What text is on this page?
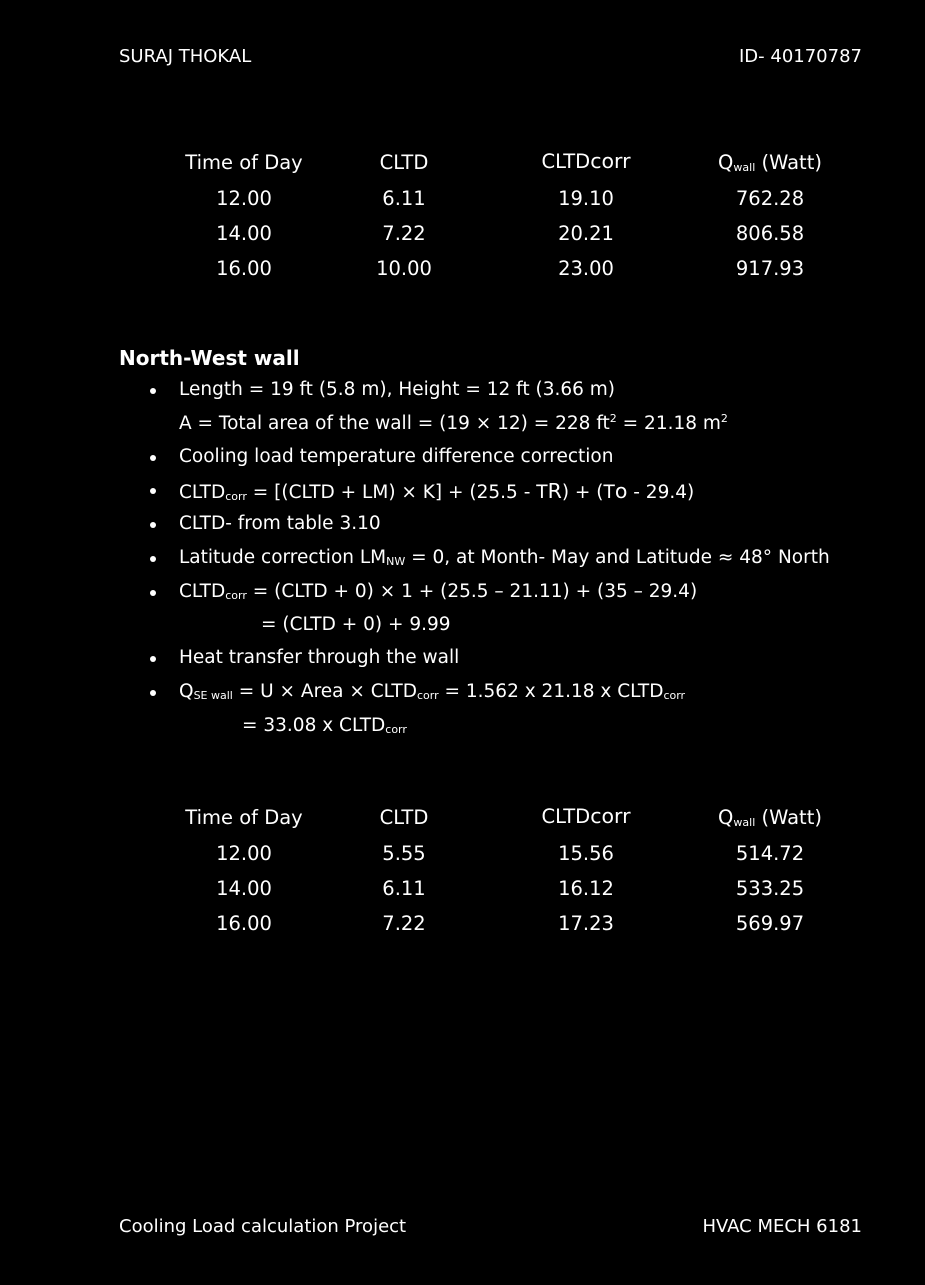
SURAJ THOKAL	ID- 40170787
Time of Day	CLTD	CLTDcorr	$Q_{wall}$ (Watt)
12.00	6.11	19.10	762.28
14.00	7.22	20.21	806.58
16.00	10.00	23.00	917.93
North-West wall
Length = 19 ft (5.8 m), Height = 12 ft (3.66 m)
A = Total area of the wall = (19 × 12) = 228 $ft^2 = 21.18$ $m^2$
Cooling load temperature difference correction
$CLTD_{corr}$ = [(CLTD + LM) × K] + (25.5 - TR) + (To - 29.4)
CLTD- from table 3.10
Latitude correction $LM_{NW} = 0$, at Month- May and Latitude ≈ 48° North
$CLTD_{corr}$ = (CLTD + 0) × 1 + (25.5 – 21.11) + (35 – 29.4)
= (CLTD + 0) + 9.99
Heat transfer through the wall
$Q_{SE wall} = U$ × Area × $CLTD_{corr} = 1.562$ x 21.18 x $CLTD_{corr}$
= 33.08 x $CLTD_{corr}$
Time of Day	CLTD	CLTDcorr	$Q_{wall}$ (Watt)
12.00	5.55	15.56	514.72
14.00	6.11	16.12	533.25
16.00	7.22	17.23	569.97
Cooling Load calculation Project	HVAC MECH 6181
